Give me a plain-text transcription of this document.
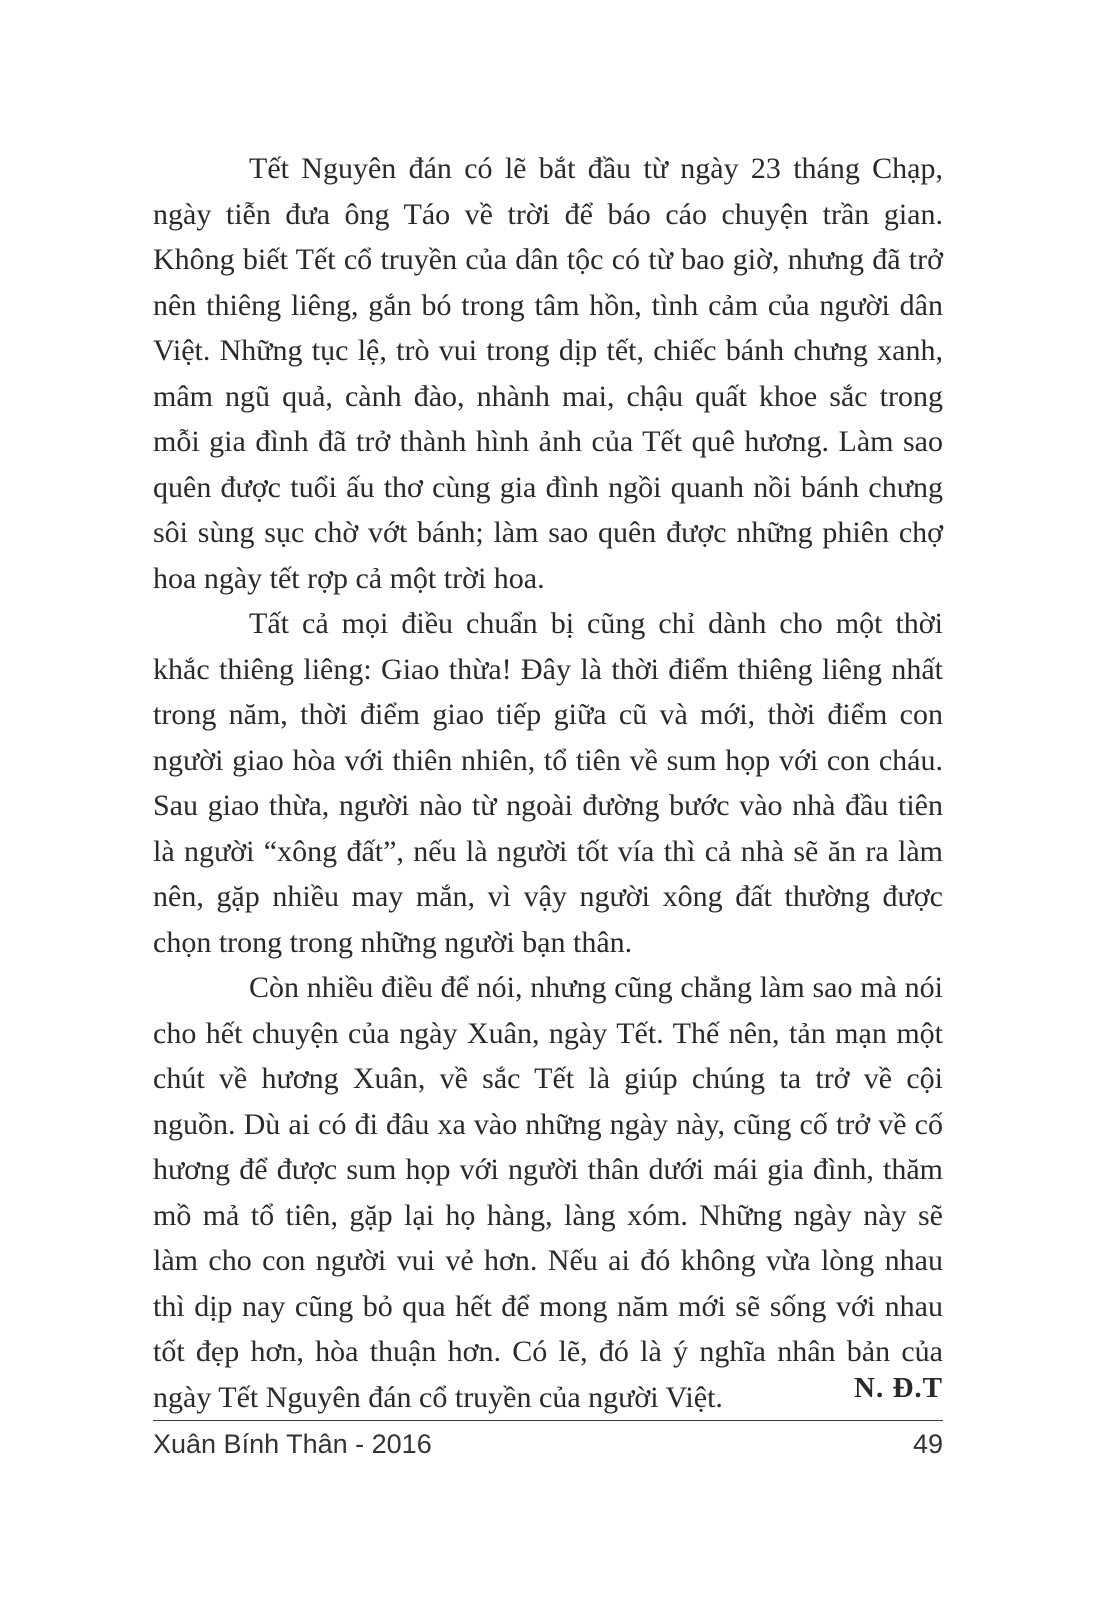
Tết Nguyên đán có lẽ bắt đầu từ ngày 23 tháng Chạp, ngày tiễn đưa ông Táo về trời để báo cáo chuyện trần gian. Không biết Tết cổ truyền của dân tộc có từ bao giờ, nhưng đã trở nên thiêng liêng, gắn bó trong tâm hồn, tình cảm của người dân Việt. Những tục lệ, trò vui trong dịp tết, chiếc bánh chưng xanh, mâm ngũ quả, cành đào, nhành mai, chậu quất khoe sắc trong mỗi gia đình đã trở thành hình ảnh của Tết quê hương. Làm sao quên được tuổi ấu thơ cùng gia đình ngồi quanh nồi bánh chưng sôi sùng sục chờ vớt bánh; làm sao quên được những phiên chợ hoa ngày tết rợp cả một trời hoa.

Tất cả mọi điều chuẩn bị cũng chỉ dành cho một thời khắc thiêng liêng: Giao thừa! Đây là thời điểm thiêng liêng nhất trong năm, thời điểm giao tiếp giữa cũ và mới, thời điểm con người giao hòa với thiên nhiên, tổ tiên về sum họp với con cháu. Sau giao thừa, người nào từ ngoài đường bước vào nhà đầu tiên là người “xông đất”, nếu là người tốt vía thì cả nhà sẽ ăn ra làm nên, gặp nhiều may mắn, vì vậy người xông đất thường được chọn trong trong những người bạn thân.

Còn nhiều điều để nói, nhưng cũng chẳng làm sao mà nói cho hết chuyện của ngày Xuân, ngày Tết. Thế nên, tản mạn một chút về hương Xuân, về sắc Tết là giúp chúng ta trở về cội nguồn. Dù ai có đi đâu xa vào những ngày này, cũng cố trở về cố hương để được sum họp với người thân dưới mái gia đình, thăm mồ mả tổ tiên, gặp lại họ hàng, làng xóm. Những ngày này sẽ làm cho con người vui vẻ hơn. Nếu ai đó không vừa lòng nhau thì dịp nay cũng bỏ qua hết để mong năm mới sẽ sống với nhau tốt đẹp hơn, hòa thuận hơn. Có lẽ, đó là ý nghĩa nhân bản của ngày Tết Nguyên đán cổ truyền của người Việt.	N. Đ.T
Xuân Bính Thân - 2016	49
